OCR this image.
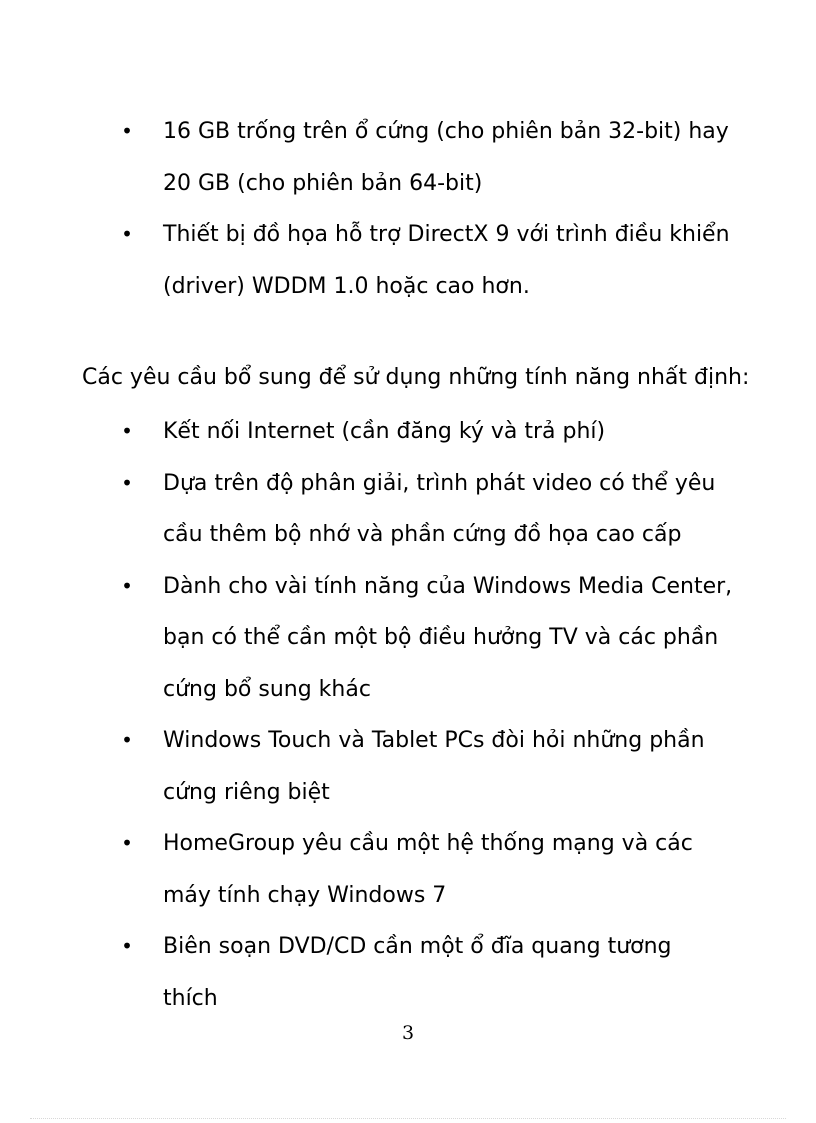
• 16 GB trống trên ổ cứng (cho phiên bản 32-bit) hay 20 GB (cho phiên bản 64-bit)
• Thiết bị đồ họa hỗ trợ DirectX 9 với trình điều khiển (driver) WDDM 1.0 hoặc cao hơn.

Các yêu cầu bổ sung để sử dụng những tính năng nhất định:

• Kết nối Internet (cần đăng ký và trả phí)
• Dựa trên độ phân giải, trình phát video có thể yêu cầu thêm bộ nhớ và phần cứng đồ họa cao cấp
• Dành cho vài tính năng của Windows Media Center, bạn có thể cần một bộ điều hưởng TV và các phần cứng bổ sung khác
• Windows Touch và Tablet PCs đòi hỏi những phần cứng riêng biệt
• HomeGroup yêu cầu một hệ thống mạng và các máy tính chạy Windows 7
• Biên soạn DVD/CD cần một ổ đĩa quang tương thích
3
